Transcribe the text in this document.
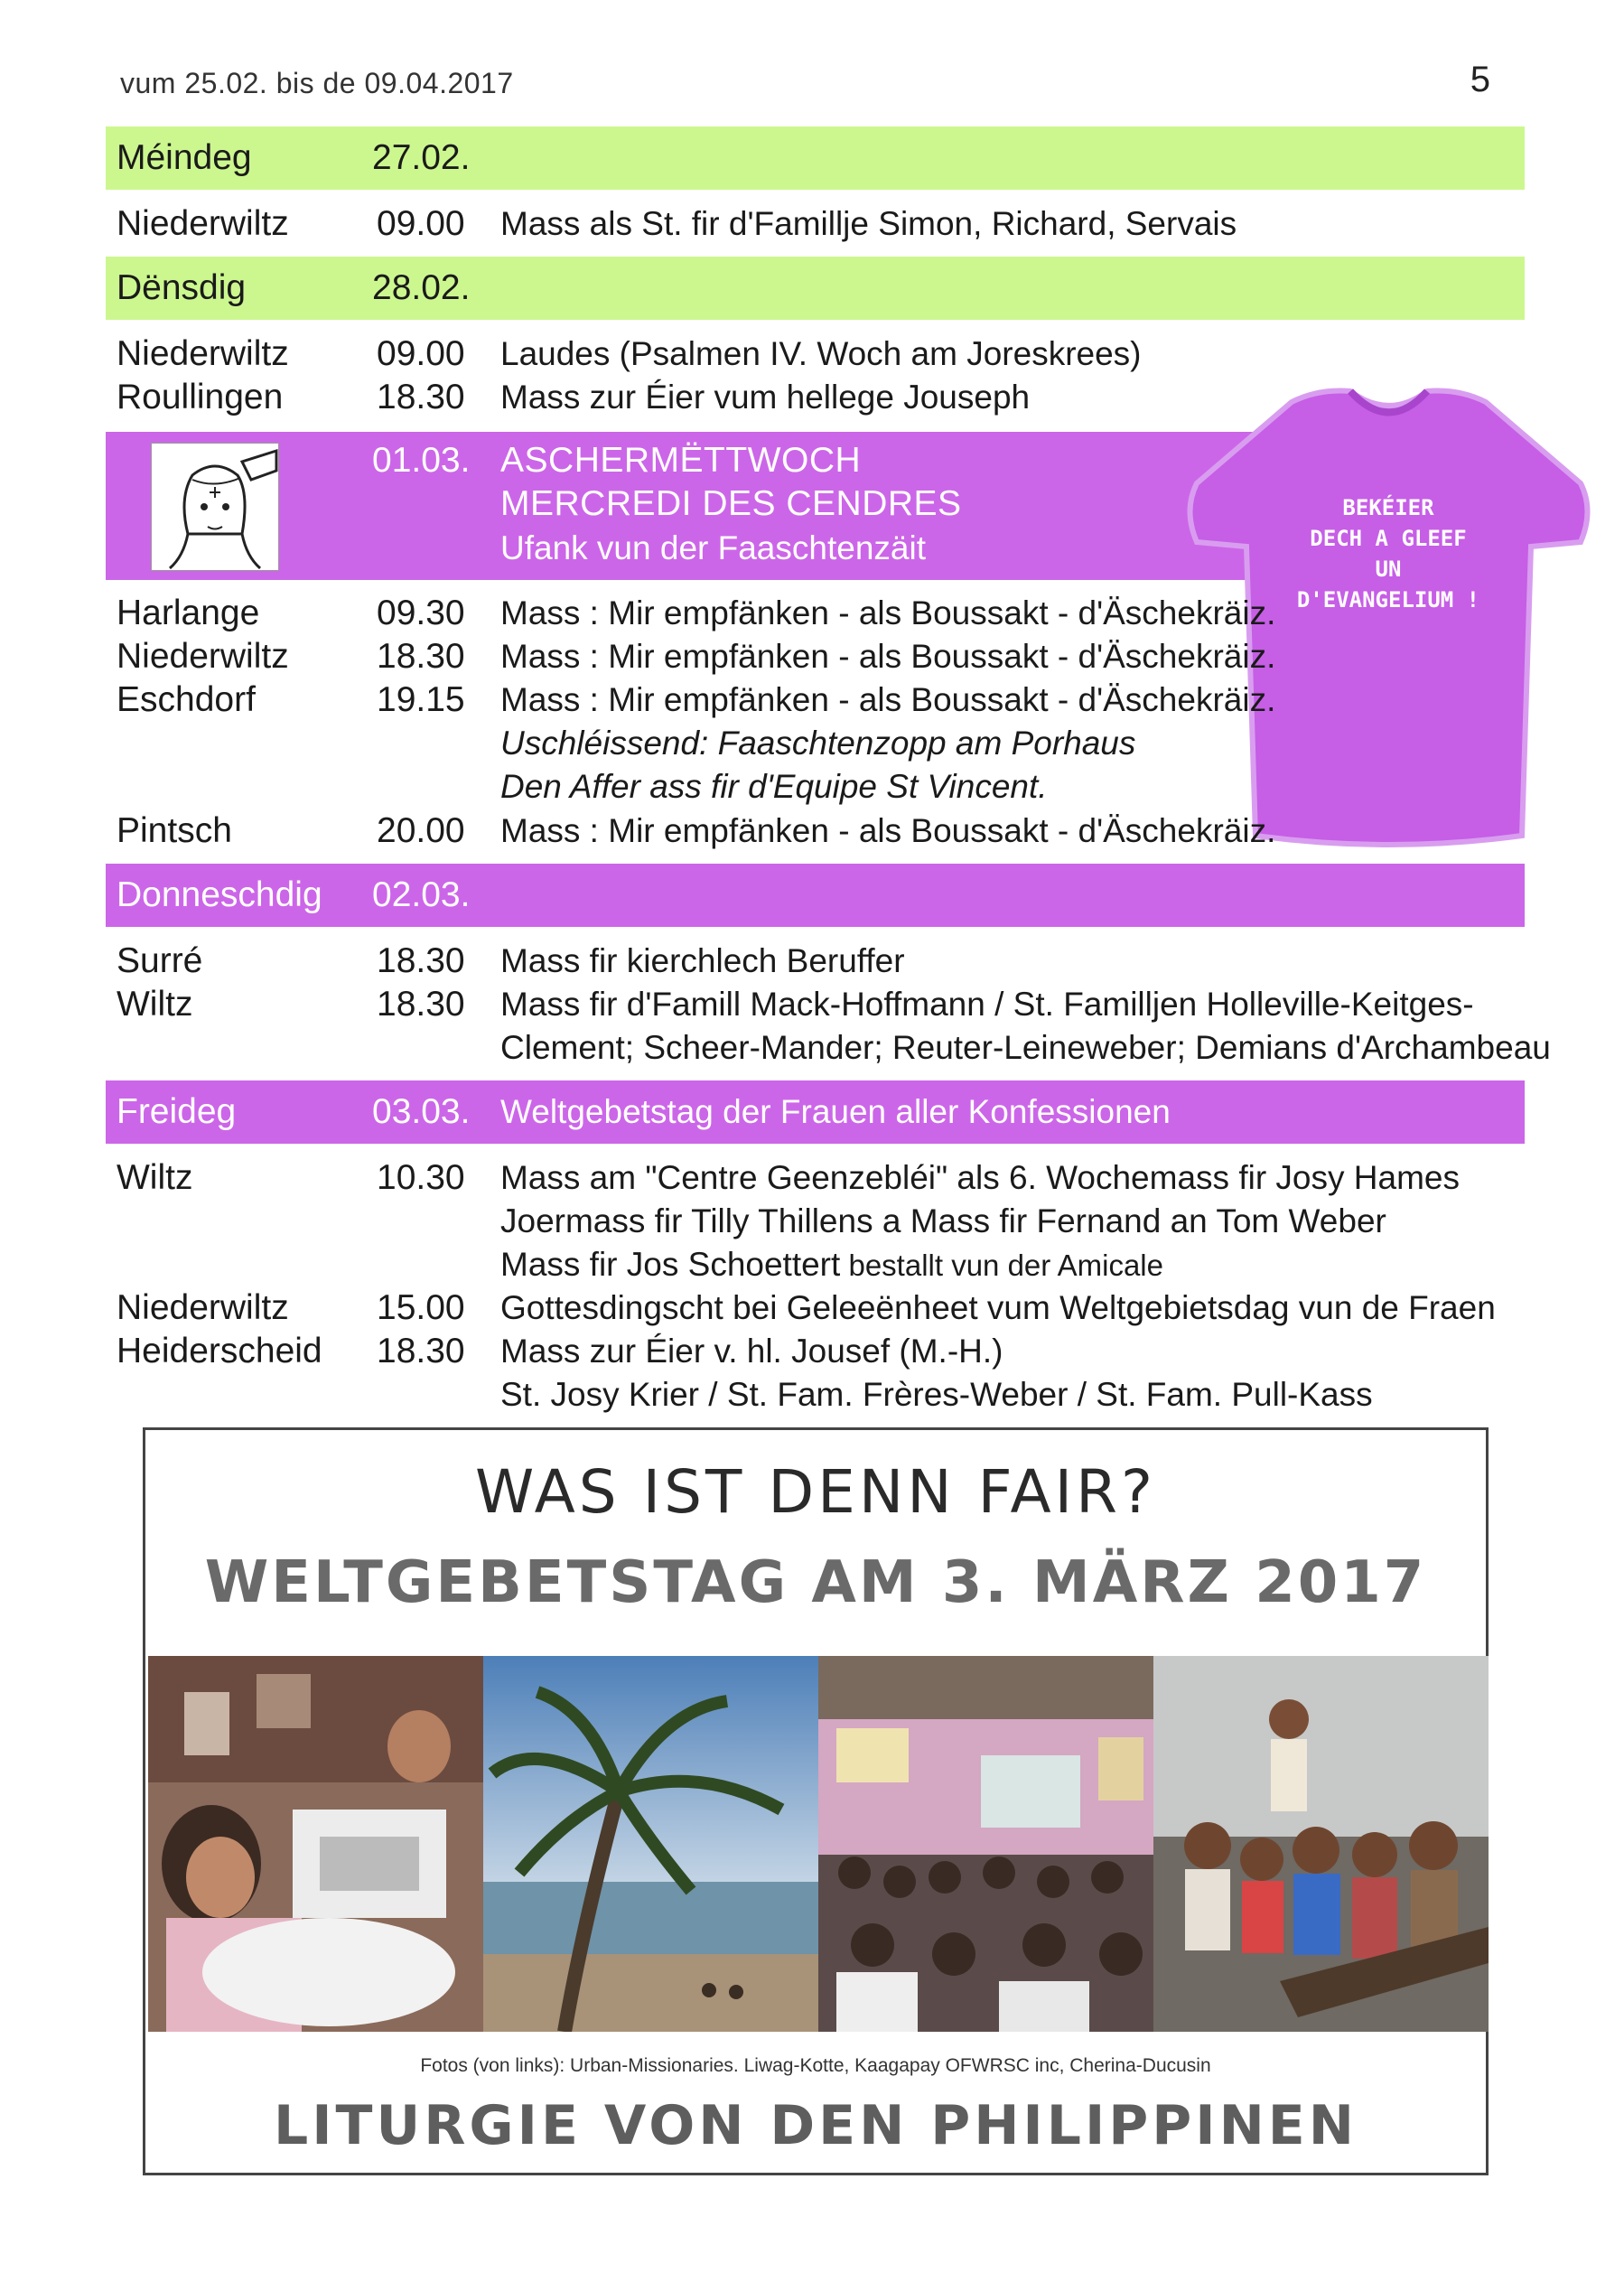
vum 25.02. bis de 09.04.2017	5
Méindeg	27.02.
Niederwiltz 09.00 Mass als St. fir d'Famillje Simon, Richard, Servais
Dënsdig	28.02.
Niederwiltz 09.00 Laudes (Psalmen IV. Woch am Joreskrees)
Roullingen	18.30 Mass zur Éier vum hellege Jouseph
01.03. ASCHERMËTTWOCH
MERCREDI DES CENDRES
Ufank vun der Faaschtenzäit
BEKÉIER
DECH A GLEEF
UN
D'EVANGELIUM !
Harlange	09.30 Mass : Mir empfänken - als Boussakt - d'Äschekräiz.
Niederwiltz 18.30 Mass : Mir empfänken - als Boussakt - d'Äschekräiz.
Eschdorf	19.15 Mass : Mir empfänken - als Boussakt - d'Äschekräiz.
Uschléissend: Faaschtenzopp am Porhaus
Den Affer ass fir d'Equipe St Vincent.
Pintsch	20.00 Mass : Mir empfänken - als Boussakt - d'Äschekräiz.
Donneschdig 02.03.
Surré	18.30 Mass fir kierchlech Beruffer
Wiltz	18.30 Mass fir d'Famill Mack-Hoffmann / St. Familljen Holleville-Keitges-
Clement; Scheer-Mander; Reuter-Leineweber; Demians d'Archambeau
Freideg	03.03. Weltgebetstag der Frauen aller Konfessionen
Wiltz	10.30 Mass am "Centre Geenzebléi" als 6. Wochemass fir Josy Hames
Joermass fir Tilly Thillens a Mass fir Fernand an Tom Weber
Mass fir Jos Schoettert bestallt vun der Amicale
Niederwiltz 15.00 Gottesdingscht bei Geleeënheet vum Weltgebietsdag vun de Fraen
Heiderscheid 18.30 Mass zur Éier v. hl. Jousef (M.-H.)
St. Josy Krier / St. Fam. Frères-Weber / St. Fam. Pull-Kass
WAS IST DENN FAIR?
WELTGEBETSTAG AM 3. MÄRZ 2017
Fotos (von links): Urban-Missionaries. Liwag-Kotte, Kaagapay OFWRSC inc, Cherina-Ducusin
LITURGIE VON DEN PHILIPPINEN
